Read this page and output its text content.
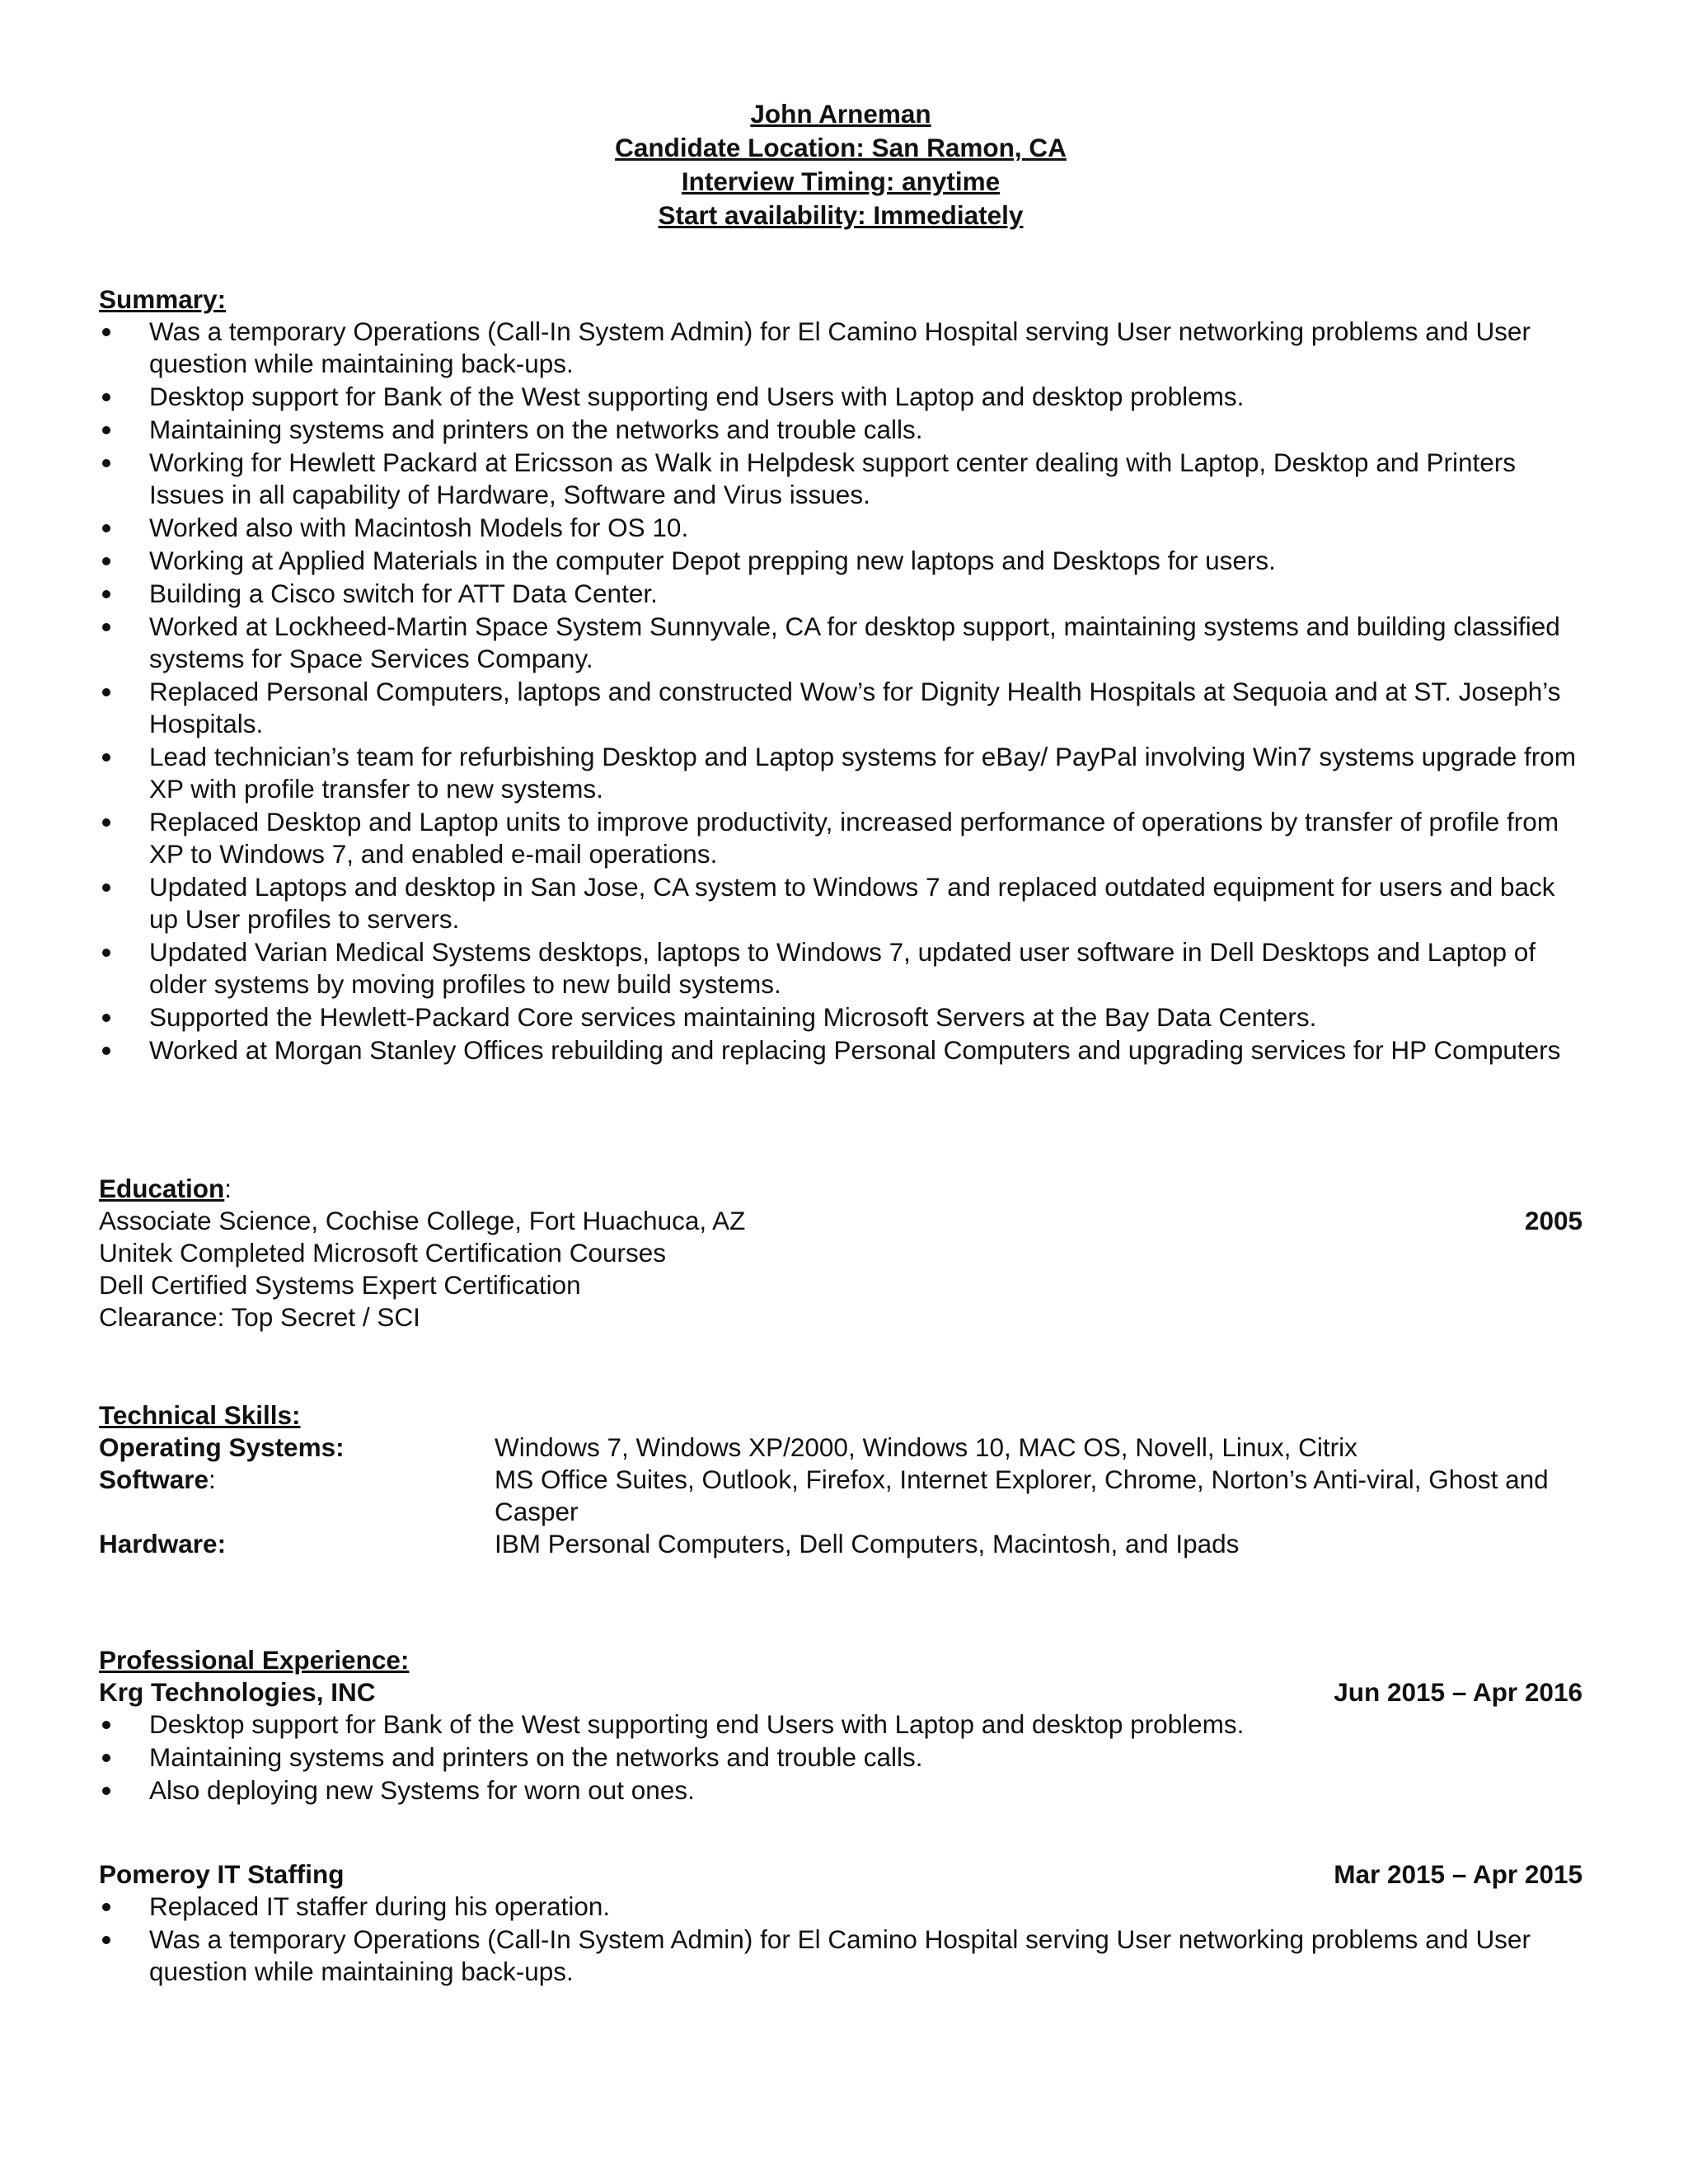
John Arneman
Candidate Location: San Ramon, CA
Interview Timing: anytime
Start availability: Immediately
Summary:
Was a temporary Operations (Call-In System Admin) for El Camino Hospital serving User networking problems and User question while maintaining back-ups.
Desktop support for Bank of the West supporting end Users with Laptop and desktop problems.
Maintaining systems and printers on the networks and trouble calls.
Working for Hewlett Packard at Ericsson as Walk in Helpdesk support center dealing with Laptop, Desktop and Printers Issues in all capability of Hardware, Software and Virus issues.
Worked also with Macintosh Models for OS 10.
Working at Applied Materials in the computer Depot prepping new laptops and Desktops for users.
Building a Cisco switch for ATT Data Center.
Worked at Lockheed-Martin Space System Sunnyvale, CA for desktop support, maintaining systems and building classified systems for Space Services Company.
Replaced Personal Computers, laptops and constructed Wow’s for Dignity Health Hospitals at Sequoia and at ST. Joseph’s Hospitals.
Lead technician’s team for refurbishing Desktop and Laptop systems for eBay/ PayPal involving Win7 systems upgrade from XP with profile transfer to new systems.
Replaced Desktop and Laptop units to improve productivity, increased performance of operations by transfer of profile from XP to Windows 7, and enabled e-mail operations.
Updated Laptops and desktop in San Jose, CA system to Windows 7 and replaced outdated equipment for users and back up User profiles to servers.
Updated Varian Medical Systems desktops, laptops to Windows 7, updated user software in Dell Desktops and Laptop of older systems by moving profiles to new build systems.
Supported the Hewlett-Packard Core services maintaining Microsoft Servers at the Bay Data Centers.
Worked at Morgan Stanley Offices rebuilding and replacing Personal Computers and upgrading services for HP Computers
Education:
Associate Science, Cochise College, Fort Huachuca, AZ	2005
Unitek Completed Microsoft Certification Courses
Dell Certified Systems Expert Certification
Clearance: Top Secret / SCI
Technical Skills:
Operating Systems:	Windows 7, Windows XP/2000, Windows 10, MAC OS, Novell, Linux, Citrix
Software:	MS Office Suites, Outlook, Firefox, Internet Explorer, Chrome, Norton’s Anti-viral, Ghost and Casper
Hardware:	IBM Personal Computers, Dell Computers, Macintosh, and Ipads
Professional Experience:
Krg Technologies, INC	Jun 2015 – Apr 2016
Desktop support for Bank of the West supporting end Users with Laptop and desktop problems.
Maintaining systems and printers on the networks and trouble calls.
Also deploying new Systems for worn out ones.
Pomeroy IT Staffing	Mar 2015 – Apr 2015
Replaced IT staffer during his operation.
Was a temporary Operations (Call-In System Admin) for El Camino Hospital serving User networking problems and User question while maintaining back-ups.
